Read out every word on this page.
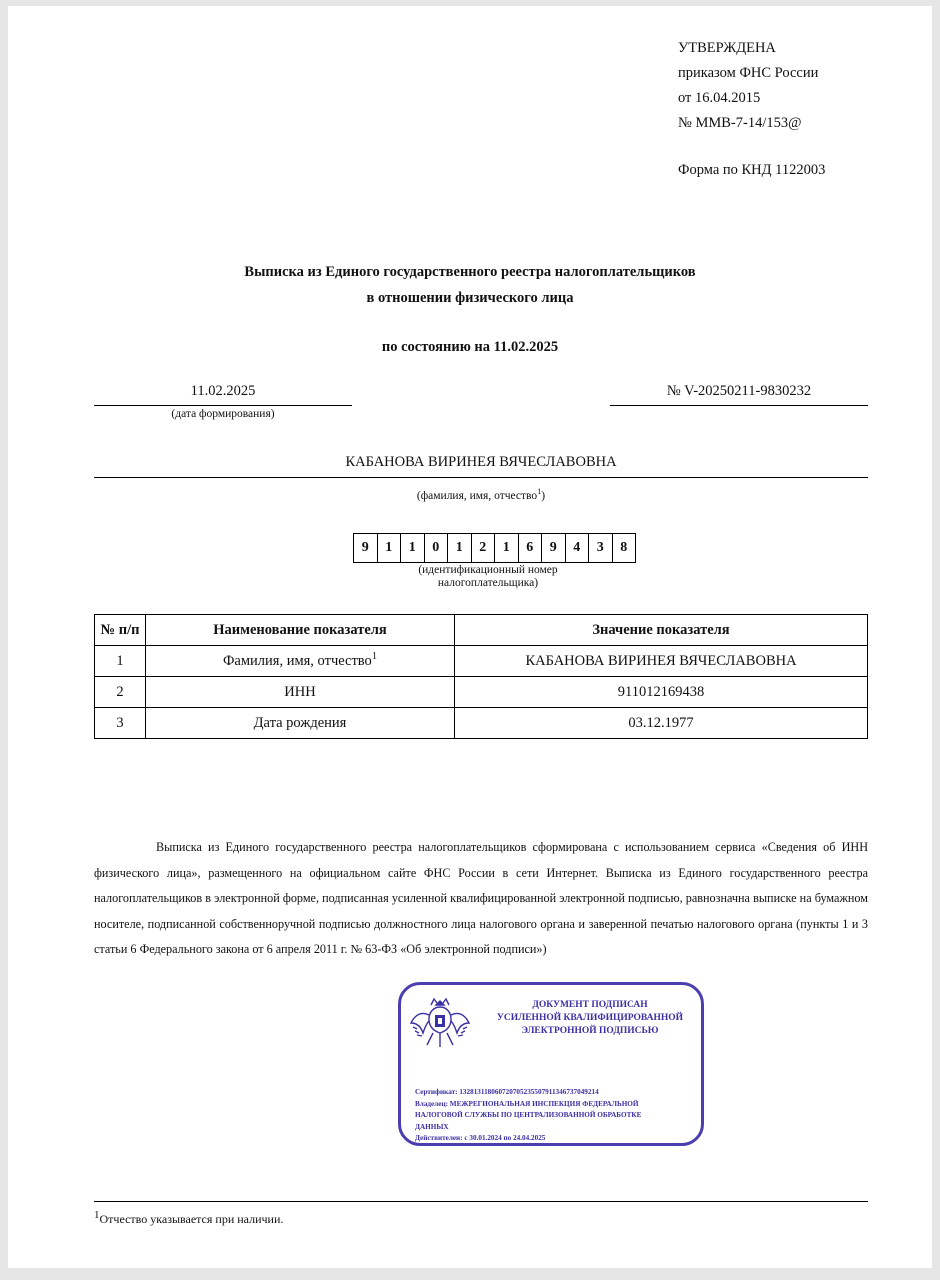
УТВЕРЖДЕНА
приказом ФНС России
от 16.04.2015
№ ММВ-7-14/153@
Форма по КНД 1122003
Выписка из Единого государственного реестра налогоплательщиков
в отношении физического лица
по состоянию на 11.02.2025
11.02.2025
(дата формирования)
№ V-20250211-9830232
КАБАНОВА ВИРИНЕЯ ВЯЧЕСЛАВОВНА
(фамилия, имя, отчество$^1$)
9	1	1	0	1	2	1	6	9	4	3	8
(идентификационный номер
налогоплательщика)
№ п/п	Наименование показателя	Значение показателя
1	Фамилия, имя, отчество$^1$	КАБАНОВА ВИРИНЕЯ ВЯЧЕСЛАВОВНА
2	ИНН	911012169438
3	Дата рождения	03.12.1977
Выписка из Единого государственного реестра налогоплательщиков сформирована с использованием сервиса «Сведения об ИНН физического лица», размещенного на официальном сайте ФНС России в сети Интернет. Выписка из Единого государственного реестра налогоплательщиков в электронной форме, подписанная усиленной квалифицированной электронной подписью, равнозначна выписке на бумажном носителе, подписанной собственноручной подписью должностного лица налогового органа и заверенной печатью налогового органа (пункты 1 и 3 статьи 6 Федерального закона от 6 апреля 2011 г. № 63-ФЗ «Об электронной подписи»)
ДОКУМЕНТ ПОДПИСАН
УСИЛЕННОЙ КВАЛИФИЦИРОВАННОЙ
ЭЛЕКТРОННОЙ ПОДПИСЬЮ
Сертификат: 132813118060720705235507911346737049214
Владелец: МЕЖРЕГИОНАЛЬНАЯ ИНСПЕКЦИЯ ФЕДЕРАЛЬНОЙ
НАЛОГОВОЙ СЛУЖБЫ ПО ЦЕНТРАЛИЗОВАННОЙ ОБРАБОТКЕ
ДАННЫХ
Действителен: с 30.01.2024 по 24.04.2025
$^1$Отчество указывается при наличии.
